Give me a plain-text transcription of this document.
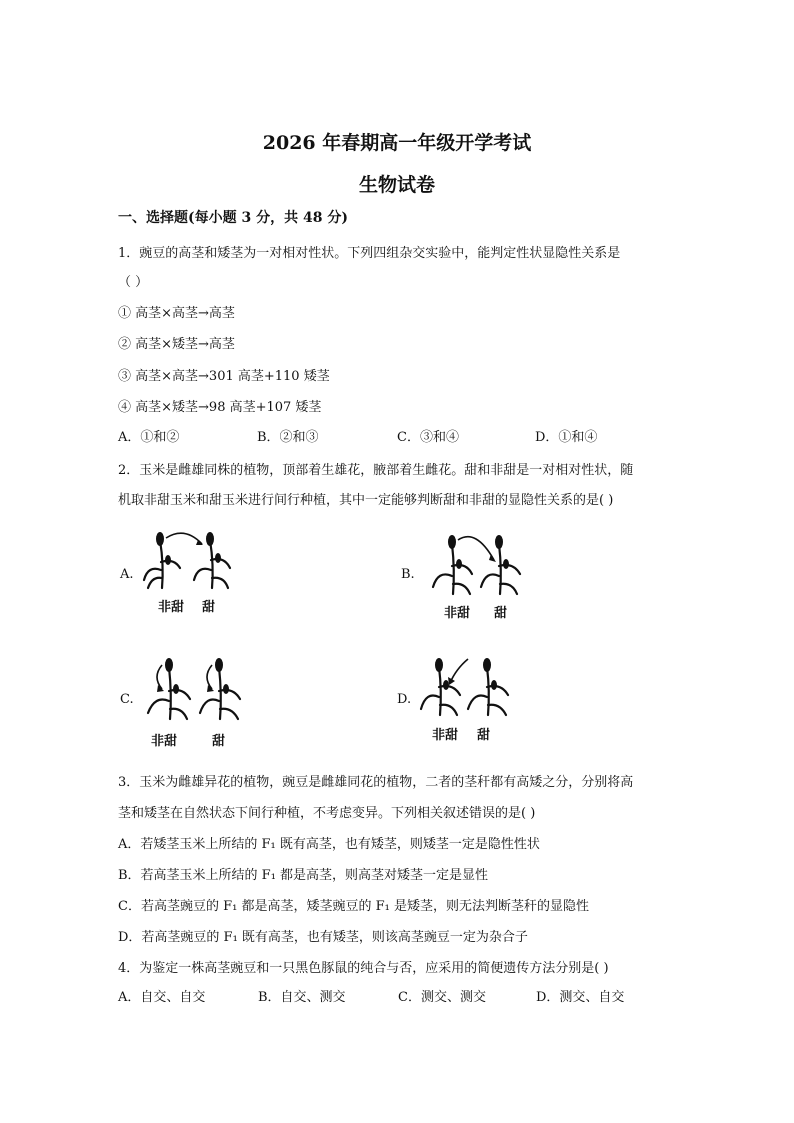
2026 年春期高一年级开学考试
生物试卷
一、选择题(每小题 3 分，共 48 分)
1．豌豆的高茎和矮茎为一对相对性状。下列四组杂交实验中，能判定性状显隐性关系是
（ ）
① 高茎×高茎→高茎
② 高茎×矮茎→高茎
③ 高茎×高茎→301 高茎+110 矮茎
④ 高茎×矮茎→98 高茎+107 矮茎
A．①和②	B．②和③	C．③和④	D．①和④
2．玉米是雌雄同株的植物，顶部着生雄花，腋部着生雌花。甜和非甜是一对相对性状，随
机取非甜玉米和甜玉米进行间行种植，其中一定能够判断甜和非甜的显隐性关系的是( )
A.
非甜 甜
B.
非甜 甜
C.
非甜	甜
D.
非甜 甜
3．玉米为雌雄异花的植物，豌豆是雌雄同花的植物，二者的茎秆都有高矮之分，分别将高
茎和矮茎在自然状态下间行种植，不考虑变异。下列相关叙述错误的是( )
A．若矮茎玉米上所结的 F₁ 既有高茎，也有矮茎，则矮茎一定是隐性性状
B．若高茎玉米上所结的 F₁ 都是高茎，则高茎对矮茎一定是显性
C．若高茎豌豆的 F₁ 都是高茎，矮茎豌豆的 F₁ 是矮茎，则无法判断茎秆的显隐性
D．若高茎豌豆的 F₁ 既有高茎，也有矮茎，则该高茎豌豆一定为杂合子
4．为鉴定一株高茎豌豆和一只黑色豚鼠的纯合与否，应采用的简便遗传方法分别是( )
A．自交、自交	B．自交、测交	C．测交、测交	D．测交、自交
